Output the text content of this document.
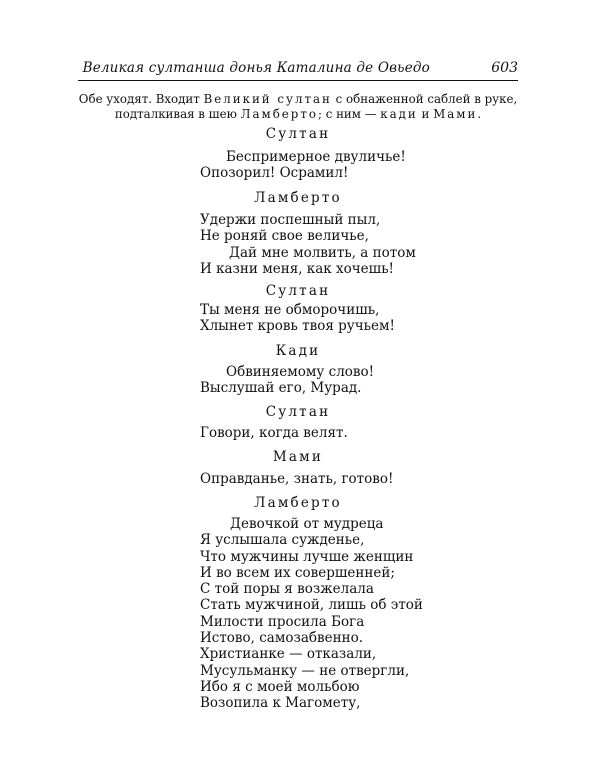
Великая султанша донья Каталина де Овьедо	603
Обе уходят. Входит Великий султан с обнаженной саблей в руке, подталкивая в шею Ламберто; с ним — кади и Мами.
Султан
Беспримерное двуличье!
Опозорил! Осрамил!
Ламберто
Удержи поспешный пыл,
Не роняй свое величье,
Дай мне молвить, а потом
И казни меня, как хочешь!
Султан
Ты меня не обморочишь,
Хлынет кровь твоя ручьем!
Кади
Обвиняемому слово!
Выслушай его, Мурад.
Султан
Говори, когда велят.
Мами
Оправданье, знать, готово!
Ламберто
Девочкой от мудреца
Я услышала сужденье,
Что мужчины лучше женщин
И во всем их совершенней;
С той поры я возжелала
Стать мужчиной, лишь об этой
Милости просила Бога
Истово, самозабвенно.
Христианке — отказали,
Мусульманку — не отвергли,
Ибо я с моей мольбою
Возопила к Магомету,
